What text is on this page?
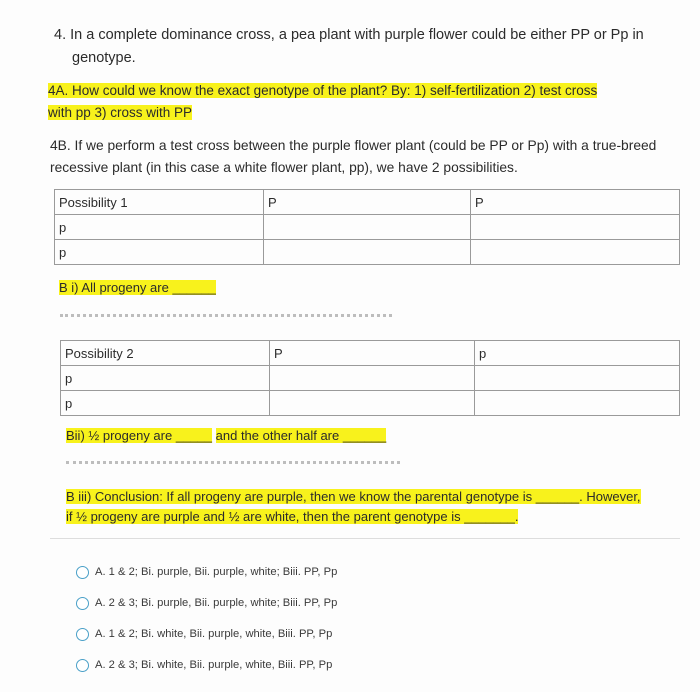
4. In a complete dominance cross, a pea plant with purple flower could be either PP or Pp in
genotype.
4A. How could we know the exact genotype of the plant? By: 1) self-fertilization 2) test cross
with pp 3) cross with PP
4B. If we perform a test cross between the purple flower plant (could be PP or Pp) with a true-breed
recessive plant (in this case a white flower plant, pp), we have 2 possibilities.
Possibility 1	P	P
p		
p		
B i) All progeny are ______
Possibility 2	P	p
p		
p		
Bii) ½ progeny are _____ and the other half are ______
B iii) Conclusion: If all progeny are purple, then we know the parental genotype is ______. However,
if ½ progeny are purple and ½ are white, then the parent genotype is _______.
A. 1 & 2; Bi. purple, Bii. purple, white; Biii. PP, Pp
A. 2 & 3; Bi. purple, Bii. purple, white; Biii. PP, Pp
A. 1 & 2; Bi. white, Bii. purple, white, Biii. PP, Pp
A. 2 & 3; Bi. white, Bii. purple, white, Biii. PP, Pp
